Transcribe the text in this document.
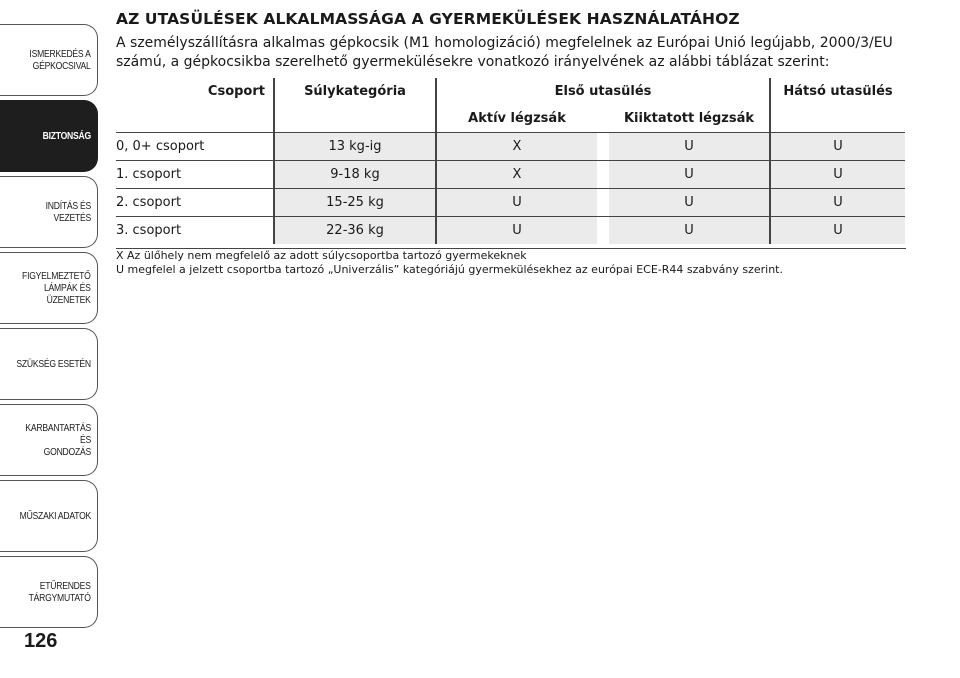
ISMERKEDÉS A
GÉPKOCSIVAL
BIZTONSÁG
INDÍTÁS ÉS VEZETÉS
FIGYELMEZTETŐ
LÁMPÁK ÉS
ÜZENETEK
SZÜKSÉG ESETÉN
KARBANTARTÁS ÉS
GONDOZÁS
MŰSZAKI ADATOK
ETŰRENDES
TÁRGYMUTATÓ
126
AZ UTASÜLÉSEK ALKALMASSÁGA A GYERMEKÜLÉSEK HASZNÁLATÁHOZ

A személyszállításra alkalmas gépkocsik (M1 homologizáció) megfelelnek az Európai Unió legújabb, 2000/3/EU számú, a gépkocsikba szerelhető gyermekülésekre vonatkozó irányelvének az alábbi táblázat szerint:

Csoport	Súlykategória	Első utasülés			Hátsó utasülés
		Aktív légzsák		Kiiktatott légzsák	
0, 0+ csoport	13 kg-ig	X		U	U
1. csoport	9-18 kg	X		U	U
2. csoport	15-25 kg	U		U	U
3. csoport	22-36 kg	U		U	U
X Az ülőhely nem megfelelő az adott súlycsoportba tartozó gyermekeknek
U megfelel a jelzett csoportba tartozó „Univerzális” kategóriájú gyermekülésekhez az európai ECE-R44 szabvány szerint.
